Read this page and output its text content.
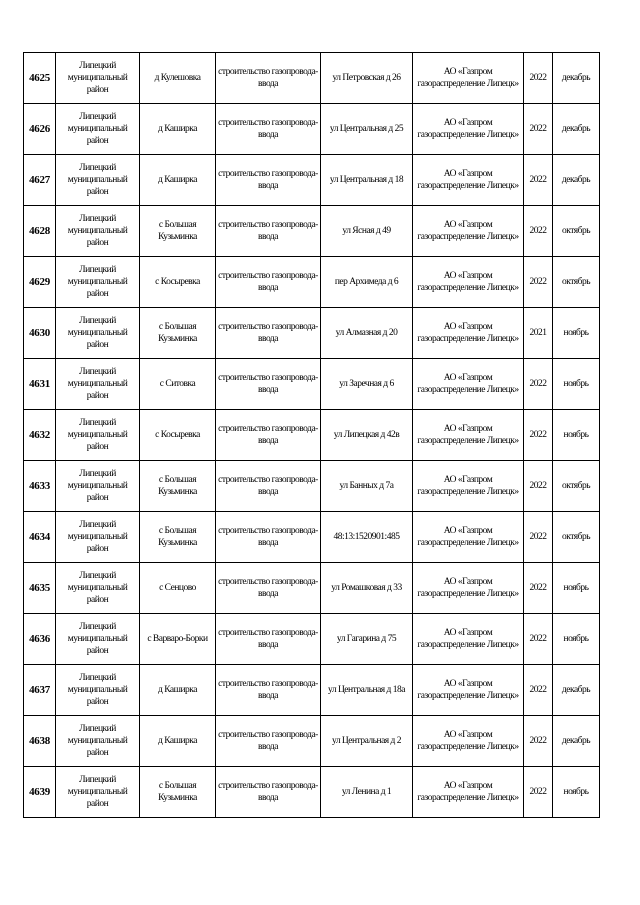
4625	Липецкий муниципальный район	д Кулешовка	строительство газопровода-ввода	ул Петровская д 26	АО «Газпром газораспределение Липецк»	2022	декабрь
4626	Липецкий муниципальный район	д Каширка	строительство газопровода-ввода	ул Центральная д 25	АО «Газпром газораспределение Липецк»	2022	декабрь
4627	Липецкий муниципальный район	д Каширка	строительство газопровода-ввода	ул Центральная д 18	АО «Газпром газораспределение Липецк»	2022	декабрь
4628	Липецкий муниципальный район	с Большая Кузьминка	строительство газопровода-ввода	ул Ясная д 49	АО «Газпром газораспределение Липецк»	2022	октябрь
4629	Липецкий муниципальный район	с Косыревка	строительство газопровода-ввода	пер Архимеда д 6	АО «Газпром газораспределение Липецк»	2022	октябрь
4630	Липецкий муниципальный район	с Большая Кузьминка	строительство газопровода-ввода	ул Алмазная д 20	АО «Газпром газораспределение Липецк»	2021	ноябрь
4631	Липецкий муниципальный район	с Ситовка	строительство газопровода-ввода	ул Заречная д 6	АО «Газпром газораспределение Липецк»	2022	ноябрь
4632	Липецкий муниципальный район	с Косыревка	строительство газопровода-ввода	ул Липецкая д 42в	АО «Газпром газораспределение Липецк»	2022	ноябрь
4633	Липецкий муниципальный район	с Большая Кузьминка	строительство газопровода-ввода	ул Банных д 7а	АО «Газпром газораспределение Липецк»	2022	октябрь
4634	Липецкий муниципальный район	с Большая Кузьминка	строительство газопровода-ввода	48:13:1520901:485	АО «Газпром газораспределение Липецк»	2022	октябрь
4635	Липецкий муниципальный район	с Сенцово	строительство газопровода-ввода	ул Ромашковая д 33	АО «Газпром газораспределение Липецк»	2022	ноябрь
4636	Липецкий муниципальный район	с Варваро-Борки	строительство газопровода-ввода	ул Гагарина д 75	АО «Газпром газораспределение Липецк»	2022	ноябрь
4637	Липецкий муниципальный район	д Каширка	строительство газопровода-ввода	ул Центральная д 18а	АО «Газпром газораспределение Липецк»	2022	декабрь
4638	Липецкий муниципальный район	д Каширка	строительство газопровода-ввода	ул Центральная д 2	АО «Газпром газораспределение Липецк»	2022	декабрь
4639	Липецкий муниципальный район	с Большая Кузьминка	строительство газопровода-ввода	ул Ленина д 1	АО «Газпром газораспределение Липецк»	2022	ноябрь
